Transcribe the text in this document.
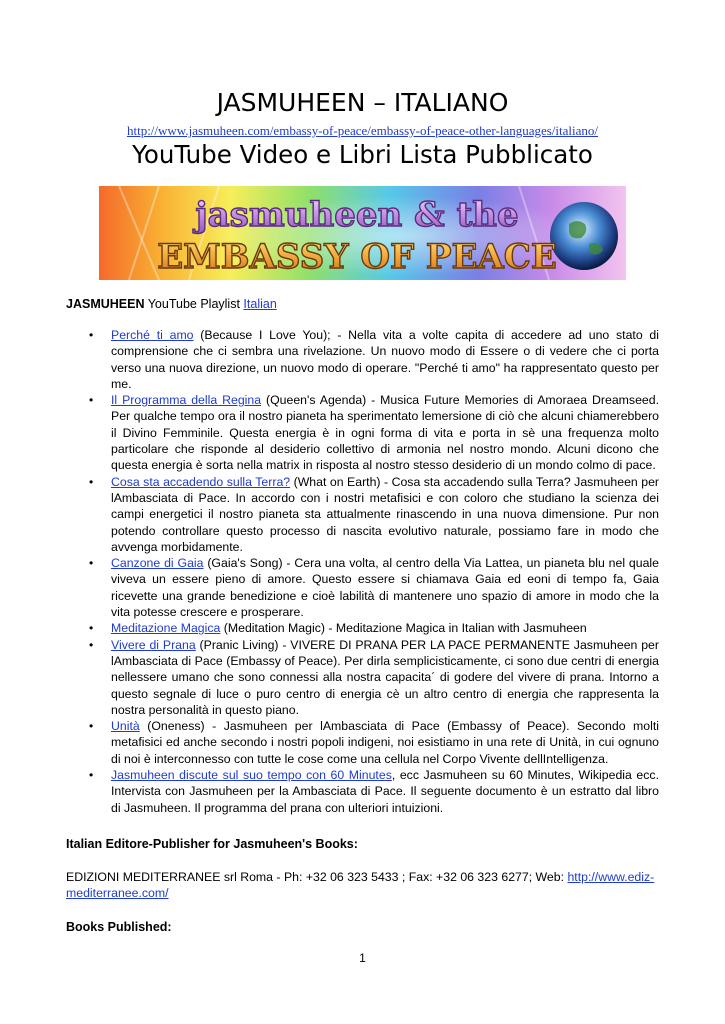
JASMUHEEN – ITALIANO
http://www.jasmuheen.com/embassy-of-peace/embassy-of-peace-other-languages/italiano/
YouTube Video e Libri Lista Pubblicato
jasmuheen & the
EMBASSY OF PEACE
JASMUHEEN YouTube Playlist Italian
• Perché ti amo (Because I Love You); - Nella vita a volte capita di accedere ad uno stato di comprensione che ci sembra una rivelazione. Un nuovo modo di Essere o di vedere che ci porta verso una nuova direzione, un nuovo modo di operare. "Perché ti amo" ha rappresentato questo per me.
• Il Programma della Regina (Queen's Agenda) - Musica Future Memories di Amoraea Dreamseed. Per qualche tempo ora il nostro pianeta ha sperimentato lemersione di ciò che alcuni chiamerebbero il Divino Femminile. Questa energia è in ogni forma di vita e porta in sè una frequenza molto particolare che risponde al desiderio collettivo di armonia nel nostro mondo. Alcuni dicono che questa energia è sorta nella matrix in risposta al nostro stesso desiderio di un mondo colmo di pace.
• Cosa sta accadendo sulla Terra? (What on Earth) - Cosa sta accadendo sulla Terra? Jasmuheen per lAmbasciata di Pace. In accordo con i nostri metafisici e con coloro che studiano la scienza dei campi energetici il nostro pianeta sta attualmente rinascendo in una nuova dimensione. Pur non potendo controllare questo processo di nascita evolutivo naturale, possiamo fare in modo che avvenga morbidamente.
• Canzone di Gaia (Gaia's Song) - Cera una volta, al centro della Via Lattea, un pianeta blu nel quale viveva un essere pieno di amore. Questo essere si chiamava Gaia ed eoni di tempo fa, Gaia ricevette una grande benedizione e cioè labilità di mantenere uno spazio di amore in modo che la vita potesse crescere e prosperare.
• Meditazione Magica (Meditation Magic) - Meditazione Magica in Italian with Jasmuheen
• Vivere di Prana (Pranic Living) - VIVERE DI PRANA PER LA PACE PERMANENTE Jasmuheen per lAmbasciata di Pace (Embassy of Peace). Per dirla semplicisticamente, ci sono due centri di energia nellessere umano che sono connessi alla nostra capacita´ di godere del vivere di prana. Intorno a questo segnale di luce o puro centro di energia cè un altro centro di energia che rappresenta la nostra personalità in questo piano.
• Unità (Oneness) - Jasmuheen per lAmbasciata di Pace (Embassy of Peace). Secondo molti metafisici ed anche secondo i nostri popoli indigeni, noi esistiamo in una rete di Unità, in cui ognuno di noi è interconnesso con tutte le cose come una cellula nel Corpo Vivente dellIntelligenza.
• Jasmuheen discute sul suo tempo con 60 Minutes, ecc Jasmuheen su 60 Minutes, Wikipedia ecc. Intervista con Jasmuheen per la Ambasciata di Pace. Il seguente documento è un estratto dal libro di Jasmuheen. Il programma del prana con ulteriori intuizioni.
Italian Editore-Publisher for Jasmuheen's Books:
EDIZIONI MEDITERRANEE srl Roma - Ph: +32 06 323 5433 ; Fax: +32 06 323 6277; Web: http://www.ediz-mediterranee.com/
Books Published:
1
